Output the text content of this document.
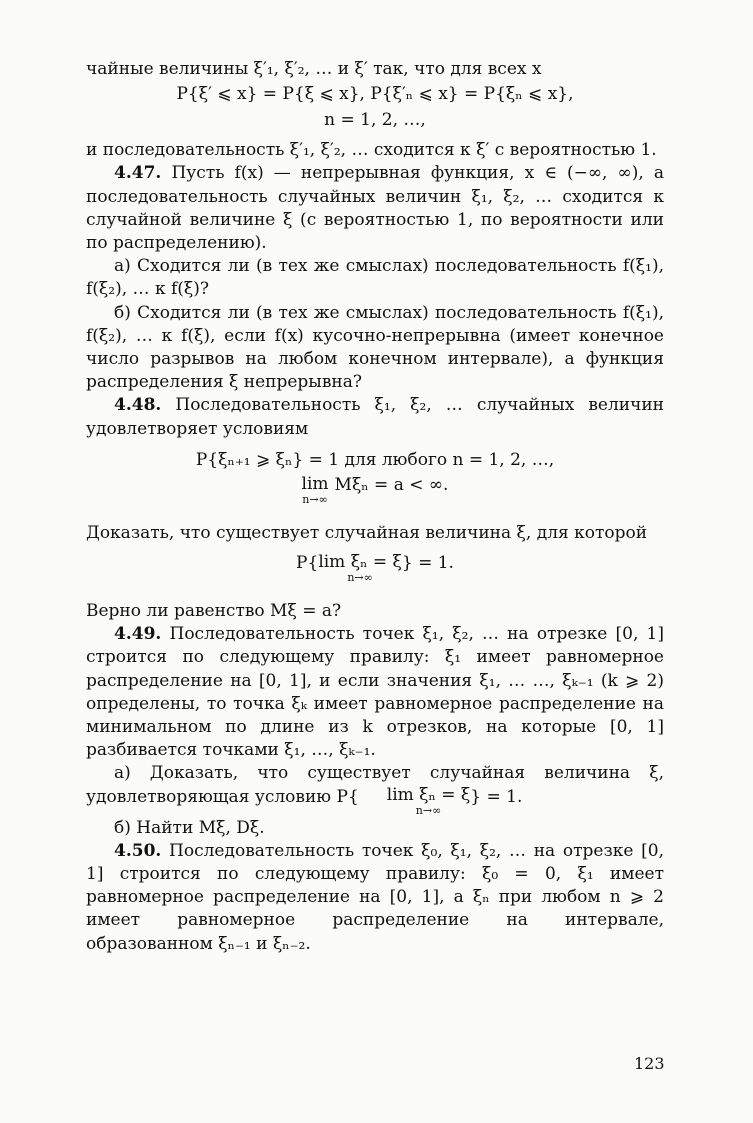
чайные величины ξ′₁, ξ′₂, … и ξ′ так, что для всех x

P{ξ′ ⩽ x} = P{ξ ⩽ x}, P{ξ′ₙ ⩽ x} = P{ξₙ ⩽ x},

n = 1, 2, …,

и последовательность ξ′₁, ξ′₂, … сходится к ξ′ с вероятностью 1.

4.47. Пусть f(x) — непрерывная функция, x ∈ (−∞, ∞), а последовательность случайных величин ξ₁, ξ₂, … сходится к случайной величине ξ (с вероятностью 1, по вероятности или по распределению).

а) Сходится ли (в тех же смыслах) последовательность f(ξ₁), f(ξ₂), … к f(ξ)?

б) Сходится ли (в тех же смыслах) последовательность f(ξ₁), f(ξ₂), … к f(ξ), если f(x) кусочно-непрерывна (имеет конечное число разрывов на любом конечном интервале), а функция распределения ξ непрерывна?

4.48. Последовательность ξ₁, ξ₂, … случайных величин удовлетворяет условиям

P{ξₙ₊₁ ⩾ ξₙ} = 1 для любого n = 1, 2, …,

lim
n→∞
Mξₙ = a < ∞.

Доказать, что существует случайная величина ξ, для которой

P{ lim ξₙ = ξ
n→∞
} = 1.

Верно ли равенство Mξ = a?

4.49. Последовательность точек ξ₁, ξ₂, … на отрезке [0, 1] строится по следующему правилу: ξ₁ имеет равномерное распределение на [0, 1], и если значения ξ₁, … …, ξₖ₋₁ (k ⩾ 2) определены, то точка ξₖ имеет равномерное распределение на минимальном по длине из k отрезков, на которые [0, 1] разбивается точками ξ₁, …, ξₖ₋₁.

а) Доказать, что существует случайная величина ξ, удовлетворяющая условию P{	lim ξₙ = ξ
n→∞
} = 1.

б) Найти Mξ, Dξ.

4.50. Последовательность точек ξ₀, ξ₁, ξ₂, … на отрезке [0, 1] строится по следующему правилу: ξ₀ = 0, ξ₁ имеет равномерное распределение на [0, 1], а ξₙ при любом n ⩾ 2 имеет равномерное распределение на интервале, образованном ξₙ₋₁ и ξₙ₋₂.

123
